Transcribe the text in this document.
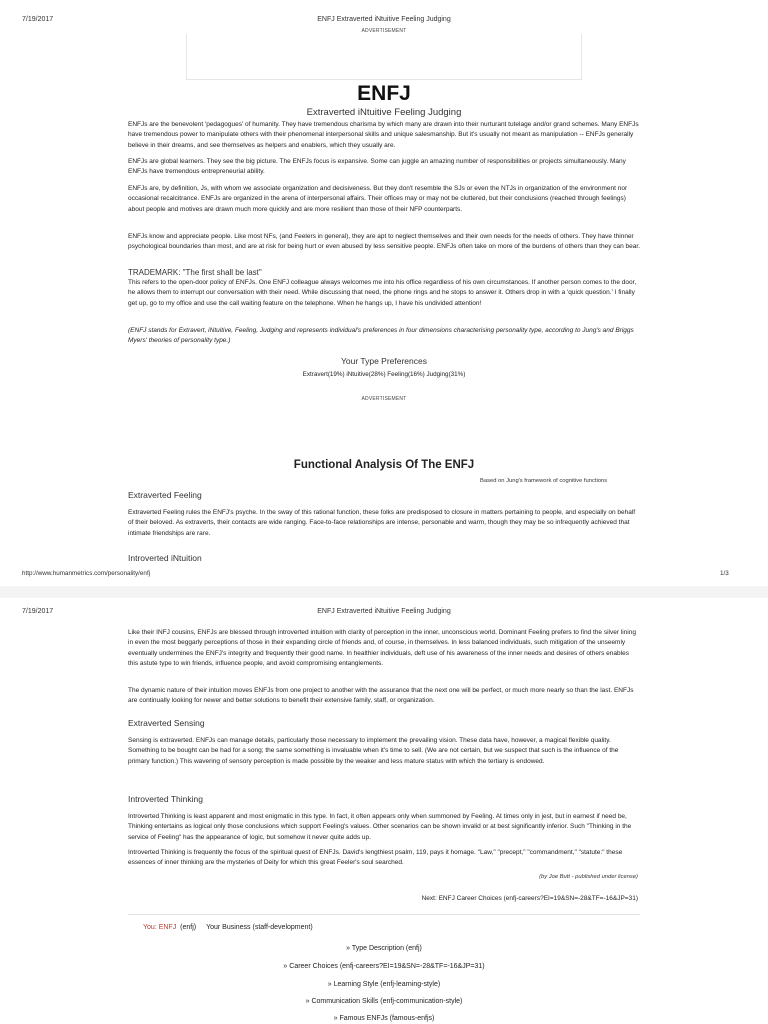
7/19/2017	ENFJ Extraverted iNtuitive Feeling Judging
ADVERTISEMENT
ENFJ
Extraverted iNtuitive Feeling Judging
ENFJs are the benevolent 'pedagogues' of humanity. They have tremendous charisma by which many are drawn into their nurturant tutelage and/or grand schemes. Many ENFJs have tremendous power to manipulate others with their phenomenal interpersonal skills and unique salesmanship. But it's usually not meant as manipulation -- ENFJs generally believe in their dreams, and see themselves as helpers and enablers, which they usually are.
ENFJs are global learners. They see the big picture. The ENFJs focus is expansive. Some can juggle an amazing number of responsibilities or projects simultaneously. Many ENFJs have tremendous entrepreneurial ability.
ENFJs are, by definition, Js, with whom we associate organization and decisiveness. But they don't resemble the SJs or even the NTJs in organization of the environment nor occasional recalcitrance. ENFJs are organized in the arena of interpersonal affairs. Their offices may or may not be cluttered, but their conclusions (reached through feelings) about people and motives are drawn much more quickly and are more resilient than those of their NFP counterparts.
ENFJs know and appreciate people. Like most NFs, (and Feelers in general), they are apt to neglect themselves and their own needs for the needs of others. They have thinner psychological boundaries than most, and are at risk for being hurt or even abused by less sensitive people. ENFJs often take on more of the burdens of others than they can bear.
TRADEMARK: "The first shall be last"
This refers to the open-door policy of ENFJs. One ENFJ colleague always welcomes me into his office regardless of his own circumstances. If another person comes to the door, he allows them to interrupt our conversation with their need. While discussing that need, the phone rings and he stops to answer it. Others drop in with a 'quick question.' I finally get up, go to my office and use the call waiting feature on the telephone. When he hangs up, I have his undivided attention!
(ENFJ stands for Extravert, iNtuitive, Feeling, Judging and represents individual's preferences in four dimensions characterising personality type, according to Jung's and Briggs Myers' theories of personality type.)
Your Type Preferences
Extravert(19%) iNtuitive(28%) Feeling(16%) Judging(31%)
ADVERTISEMENT
Functional Analysis Of The ENFJ
Based on Jung's framework of cognitive functions
Extraverted Feeling
Extraverted Feeling rules the ENFJ's psyche. In the sway of this rational function, these folks are predisposed to closure in matters pertaining to people, and especially on behalf of their beloved. As extraverts, their contacts are wide ranging. Face-to-face relationships are intense, personable and warm, though they may be so infrequently achieved that intimate friendships are rare.
Introverted iNtuition
http://www.humanmetrics.com/personality/enfj	1/3
7/19/2017	ENFJ Extraverted iNtuitive Feeling Judging
Like their INFJ cousins, ENFJs are blessed through introverted intuition with clarity of perception in the inner, unconscious world. Dominant Feeling prefers to find the silver lining in even the most beggarly perceptions of those in their expanding circle of friends and, of course, in themselves. In less balanced individuals, such mitigation of the unseemly eventually undermines the ENFJ's integrity and frequently their good name. In healthier individuals, deft use of his awareness of the inner needs and desires of others enables this astute type to win friends, influence people, and avoid compromising entanglements.
The dynamic nature of their intuition moves ENFJs from one project to another with the assurance that the next one will be perfect, or much more nearly so than the last. ENFJs are continually looking for newer and better solutions to benefit their extensive family, staff, or organization.
Extraverted Sensing
Sensing is extraverted. ENFJs can manage details, particularly those necessary to implement the prevailing vision. These data have, however, a magical flexible quality. Something to be bought can be had for a song; the same something is invaluable when it's time to sell. (We are not certain, but we suspect that such is the influence of the primary function.) This wavering of sensory perception is made possible by the weaker and less mature status with which the tertiary is endowed.
Introverted Thinking
Introverted Thinking is least apparent and most enigmatic in this type. In fact, it often appears only when summoned by Feeling. At times only in jest, but in earnest if need be, Thinking entertains as logical only those conclusions which support Feeling's values. Other scenarios can be shown invalid or at best significantly inferior. Such "Thinking in the service of Feeling" has the appearance of logic, but somehow it never quite adds up.
Introverted Thinking is frequently the focus of the spiritual quest of ENFJs. David's lengthiest psalm, 119, pays it homage. "Law," "precept," "commandment," "statute:" these essences of inner thinking are the mysteries of Deity for which this great Feeler's soul searched.
(by Joe Butt - published under license)
Next: ENFJ Career Choices (enfj-careers?EI=19&SN=-28&TF=-16&JP=31)
You: ENFJ (enfj) Your Business (staff-development)
» Type Description (enfj)
» Career Choices (enfj-careers?EI=19&SN=-28&TF=-16&JP=31)
» Learning Style (enfj-learning-style)
» Communication Skills (enfj-communication-style)
» Famous ENFJs (famous-enfjs)
